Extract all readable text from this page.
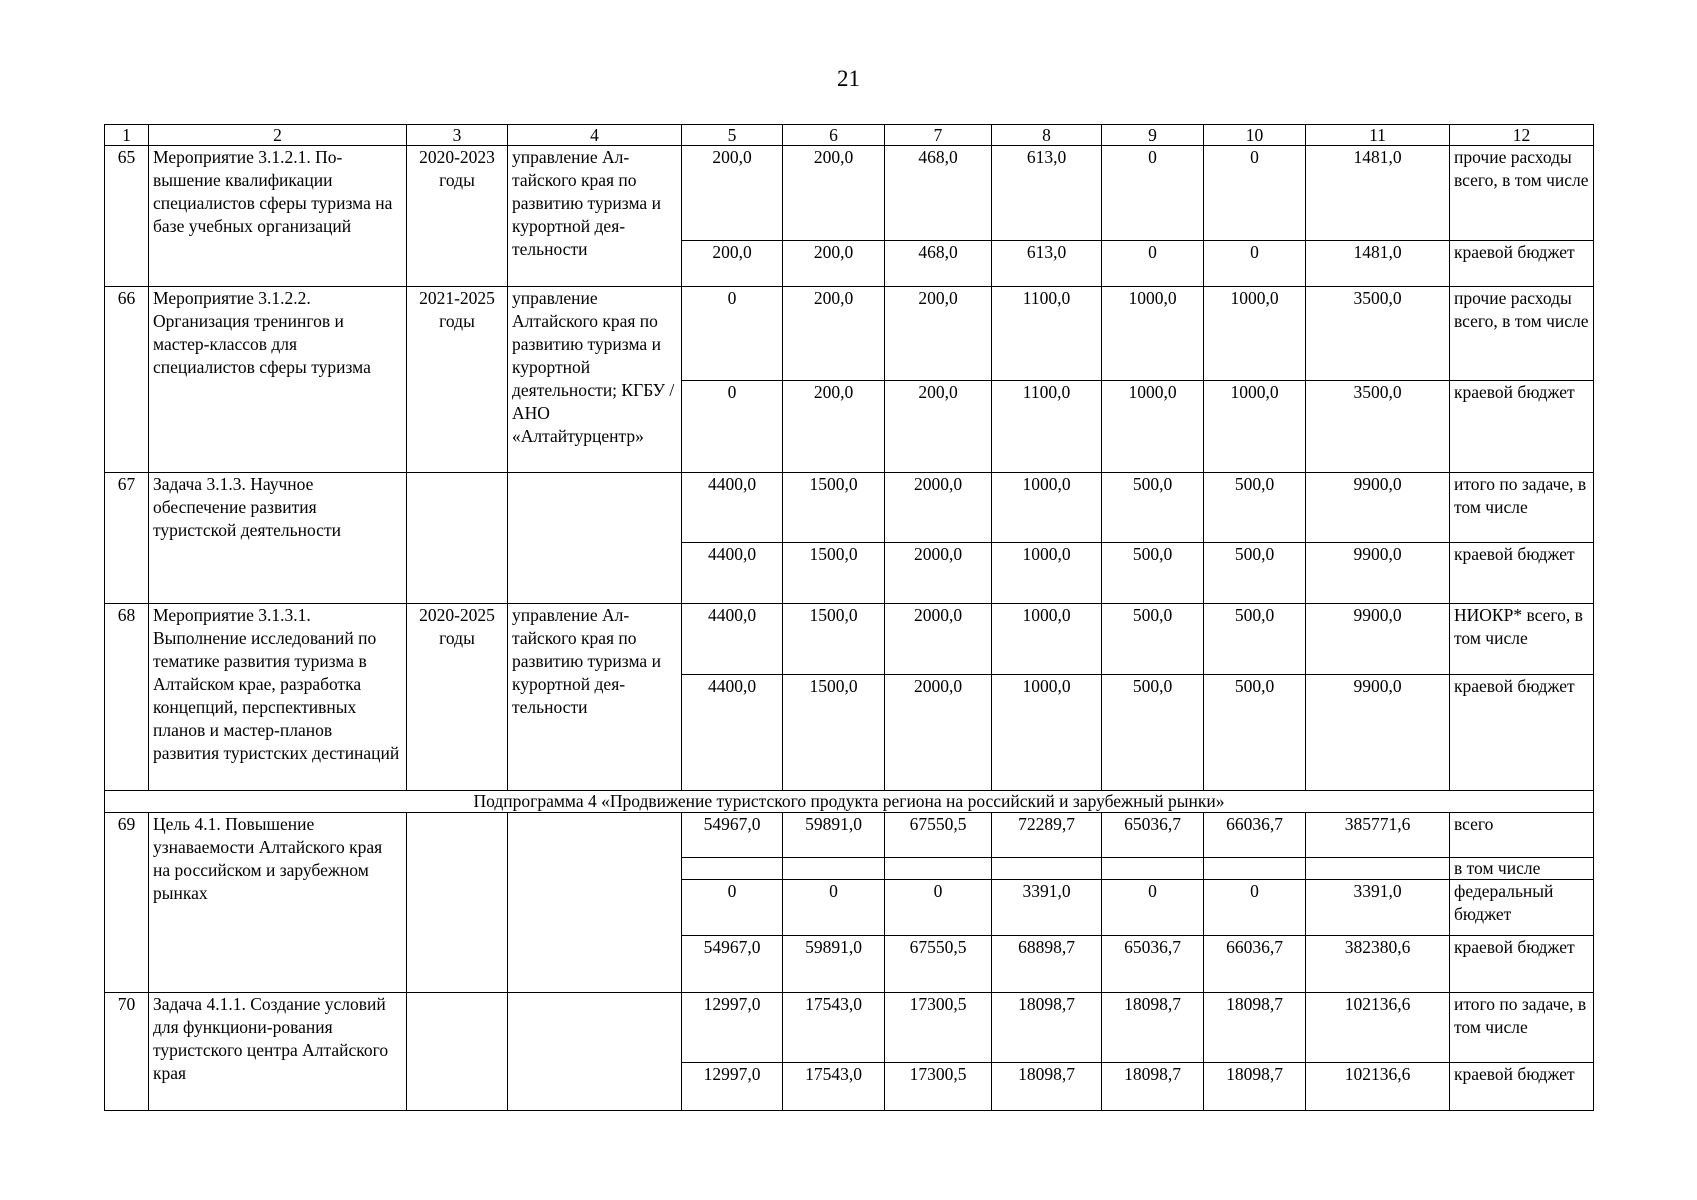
21
1	2	3	4	5	6	7	8	9	10	11	12
65	Мероприятие 3.1.2.1. По-вышение квалификации специалистов сферы туризма на базе учебных организаций	2020-2023 годы	управление Ал-тайского края по развитию туризма и курортной дея-тельности	200,0	200,0	468,0	613,0	0	0	1481,0	прочие расходы всего, в том числе
				200,0	200,0	468,0	613,0	0	0	1481,0	краевой бюджет
66	Мероприятие 3.1.2.2. Организация тренингов и мастер-классов для специалистов сферы туризма	2021-2025 годы	управление Алтайского края по развитию туризма и курортной деятельности; КГБУ / АНО «Алтайтурцентр»	0	200,0	200,0	1100,0	1000,0	1000,0	3500,0	прочие расходы всего, в том числе
				0	200,0	200,0	1100,0	1000,0	1000,0	3500,0	краевой бюджет
67	Задача 3.1.3. Научное обеспечение развития туристской деятельности			4400,0	1500,0	2000,0	1000,0	500,0	500,0	9900,0	итого по задаче, в том числе
				4400,0	1500,0	2000,0	1000,0	500,0	500,0	9900,0	краевой бюджет
68	Мероприятие 3.1.3.1. Выполнение исследований по тематике развития туризма в Алтайском крае, разработка концепций, перспективных планов и мастер-планов развития туристских дестинаций	2020-2025 годы	управление Ал-тайского края по развитию туризма и курортной дея-тельности	4400,0	1500,0	2000,0	1000,0	500,0	500,0	9900,0	НИОКР* всего, в том числе
				4400,0	1500,0	2000,0	1000,0	500,0	500,0	9900,0	краевой бюджет
Подпрограмма 4 «Продвижение туристского продукта региона на российский и зарубежный рынки»											
69	Цель 4.1. Повышение узнаваемости Алтайского края на российском и зарубежном рынках			54967,0	59891,0	67550,5	72289,7	65036,7	66036,7	385771,6	всего
											в том числе
				0	0	0	3391,0	0	0	3391,0	федеральный бюджет
				54967,0	59891,0	67550,5	68898,7	65036,7	66036,7	382380,6	краевой бюджет
70	Задача 4.1.1. Создание условий для функциони-рования туристского центра Алтайского края			12997,0	17543,0	17300,5	18098,7	18098,7	18098,7	102136,6	итого по задаче, в том числе
				12997,0	17543,0	17300,5	18098,7	18098,7	18098,7	102136,6	краевой бюджет
